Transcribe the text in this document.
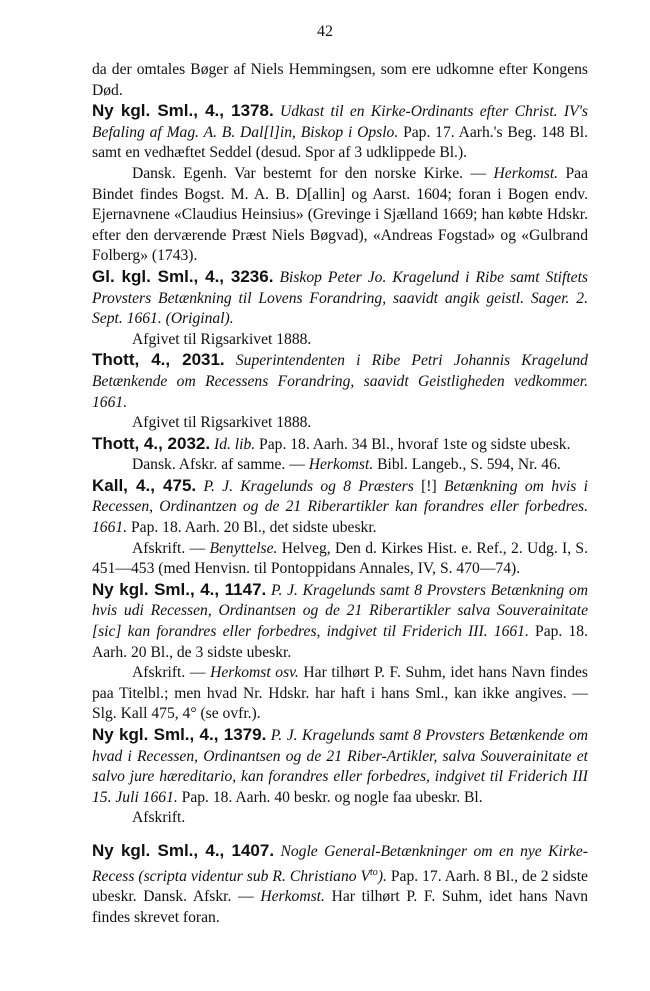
42
da der omtales Bøger af Niels Hemmingsen, som ere udkomne efter Kongens Død.
Ny kgl. Sml., 4., 1378. Udkast til en Kirke-Ordinants efter Christ. IV's Befaling af Mag. A. B. Dal[l]in, Biskop i Opslo. Pap. 17. Aarh.'s Beg. 148 Bl. samt en vedhæftet Seddel (desud. Spor af 3 udklippede Bl.).
Dansk. Egenh. Var bestemt for den norske Kirke. — Herkomst. Paa Bindet findes Bogst. M. A. B. D[allin] og Aarst. 1604; foran i Bogen endv. Ejernavnene «Claudius Heinsius» (Grevinge i Sjælland 1669; han købte Hdskr. efter den derværende Præst Niels Bøgvad), «Andreas Fogstad» og «Gulbrand Folberg» (1743).
Gl. kgl. Sml., 4., 3236. Biskop Peter Jo. Kragelund i Ribe samt Stiftets Provsters Betænkning til Lovens Forandring, saavidt angik geistl. Sager. 2. Sept. 1661. (Original).
Afgivet til Rigsarkivet 1888.
Thott, 4., 2031. Superintendenten i Ribe Petri Johannis Kragelund Betænkende om Recessens Forandring, saavidt Geistligheden vedkommer. 1661.
Afgivet til Rigsarkivet 1888.
Thott, 4., 2032. Id. lib. Pap. 18. Aarh. 34 Bl., hvoraf 1ste og sidste ubesk.
Dansk. Afskr. af samme. — Herkomst. Bibl. Langeb., S. 594, Nr. 46.
Kall, 4., 475. P. J. Kragelunds og 8 Præsters [!] Betænkning om hvis i Recessen, Ordinantzen og de 21 Riberartikler kan forandres eller forbedres. 1661. Pap. 18. Aarh. 20 Bl., det sidste ubeskr.
Afskrift. — Benyttelse. Helveg, Den d. Kirkes Hist. e. Ref., 2. Udg. I, S. 451—453 (med Henvisn. til Pontoppidans Annales, IV, S. 470—74).
Ny kgl. Sml., 4., 1147. P. J. Kragelunds samt 8 Provsters Betænkning om hvis udi Recessen, Ordinantsen og de 21 Riberartikler salva Souverainitate [sic] kan forandres eller forbedres, indgivet til Friderich III. 1661. Pap. 18. Aarh. 20 Bl., de 3 sidste ubeskr.
Afskrift. — Herkomst osv. Har tilhørt P. F. Suhm, idet hans Navn findes paa Titelbl.; men hvad Nr. Hdskr. har haft i hans Sml., kan ikke angives. — Slg. Kall 475, 4° (se ovfr.).
Ny kgl. Sml., 4., 1379. P. J. Kragelunds samt 8 Provsters Betænkende om hvad i Recessen, Ordinantsen og de 21 Riber-Artikler, salva Souverainitate et salvo jure hæreditario, kan forandres eller forbedres, indgivet til Friderich III 15. Juli 1661. Pap. 18. Aarh. 40 beskr. og nogle faa ubeskr. Bl.
Afskrift.
Ny kgl. Sml., 4., 1407. Nogle General-Betænkninger om en nye Kirke-Recess (scripta videntur sub R. Christiano $V^{to}$). Pap. 17. Aarh. 8 Bl., de 2 sidste ubeskr. Dansk. Afskr. — Herkomst. Har tilhørt P. F. Suhm, idet hans Navn findes skrevet foran.
